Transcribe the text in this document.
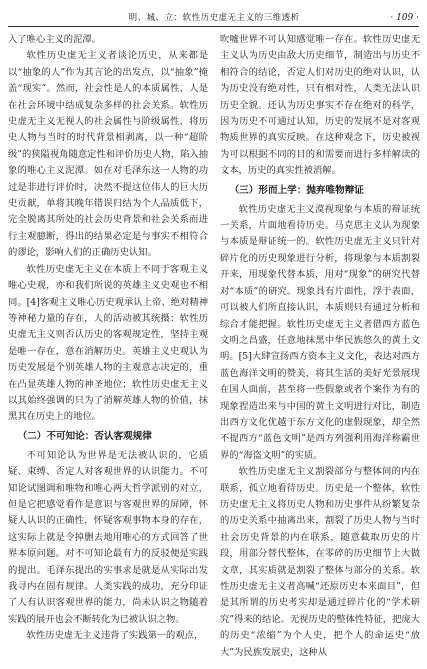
明、城、立：软性历史虚无主义的三维透析	· 109 ·

入了唯心主义的泥潭。

软性历史虚无主义者谈论历史，从来都是以“抽象的人”作为其言论的出发点，以“抽象”掩盖“现实”。然而，社会性是人的本质属性，人是在社会环境中结成复杂多样的社会关系。软性历史虚无主义无视人的社会属性与阶级属性，将历史人物与当时的时代背景相剥离，以一种“超阶级”的狭隘视角随意定性和评价历史人物，陷入抽象的唯心主义泥潭。如在对毛泽东这一人物的功过是非进行评价时，决然不提这位伟人的巨大历史贡献，单将其晚年错误归结为个人品质低下，完全脱离其所处的社会历史背景和社会关系而进行主观臆断，得出的结果必定是与事实不相符合的谬论，影响人们的正确历史认知。

软性历史虚无主义在本质上不同于客观主义唯心史观，亦和我们所说的英雄主义史观也不相同。[4]客观主义唯心历史观承认上帝、绝对精神等神秘力量的存在，人的活动被其统摄；软性历史虚无主义则否认历史的客观规定性，坚持主观是唯一存在，意在消解历史。英雄主义史观认为历史发展是个别英雄人物的主观意志决定的，重在凸显英雄人物的神圣地位；软性历史虚无主义以其始终强调的只为了消解英雄人物的价值，抹黑其在历史上的地位。

（二）不可知论：否认客观规律

不可知论认为世界是无法被认识的，它质疑、束缚、否定人对客观世界的认识能力。不可知论试图调和唯物和唯心两大哲学派别的对立，但是它把感觉看作是意识与客观世界的屏障，怀疑人认识的正确性，怀疑客观事物本身的存在，这实际上就是令掉删去地用唯心的方式回答了世界本原问题。对不可知论最有力的反驳便是实践的提出。毛泽东提出的实事求是就是从实际出发我寻内在固有规律。人类实践的成功，充分印证了人有认识客观世界的能力，尚未认识之物随着实践的展开也会不断转化为已被认识之物。

软性历史虚无主义违背了实践第一的观点，

吹嘘世界不可认知感觉唯一存在。软性历史虚无主义认为历史由敌大历史细节，制造出与历史不相符合的结论，否定人们对历史的绝对认识，认为历史没有绝对性，只有相对性，人类无法认识历史全貌。还认为历史事实不存在绝对的科学，因为历史不可通过认知，历史的发展不是对客观物质世界的真实反映。在这种观念下，历史被视为可以根据不同的目的和需要而进行多样解读的文本，历史的真实性被消解。

（三）形而上学：抛弃唯物辩证

软性历史虚无主义漠视现象与本质的辩证统一关系，片面地看待历史。马克思主义认为现象与本质是辩证统一的。软性历史虚无主义只针对碎片化的历史现象进行分析，将现象与本质割裂开来，用现象代替本质，用对“现象”的研究代替对“本质”的研究。现象具有片面性，浮于表面，可以被人们所直接认识，本质则只有通过分析和综合才能把握。软性历史虚无主义者借西方蓝色文明之昌盛，任意地抹黑中华民族悠久的黄土文明。[5]大肆宣扬西方资本主义文化，表达对西方蓝色海洋文明的赞美，将其生活的美好光景展现在国人面前，甚至将一些假象或者个案作为有的现象捏造出来与中国的黄土文明进行对比，制造出西方文化优越于东方文化的虚假现象，却全然不提西方“蓝色文明”是西方列强利用海洋称霸世界的“海盗文明”的实质。

软性历史虚无主义割裂部分与整体间的内在联系，孤立地看待历史。历史是一个整体，软性历史虚无主义将历史人物和历史事件从纷繁复杂的历史关系中抽离出来，割裂了历史人物与当时社会历史背景的内在联系，随意截取历史的片段，用部分替代整体，在零碎的历史细节上大做文章，其实质就是割裂了整体与部分的关系。软性历史虚无主义者高喊“还原历史本来面目”，但是其所谓的历史考实却是通过碎片化的“学术研究”得来的结论。无视历史的整体性特征，把庞大的历史“浓缩”为个人史，把个人的命运史“放大”为民族发展史，这种从
